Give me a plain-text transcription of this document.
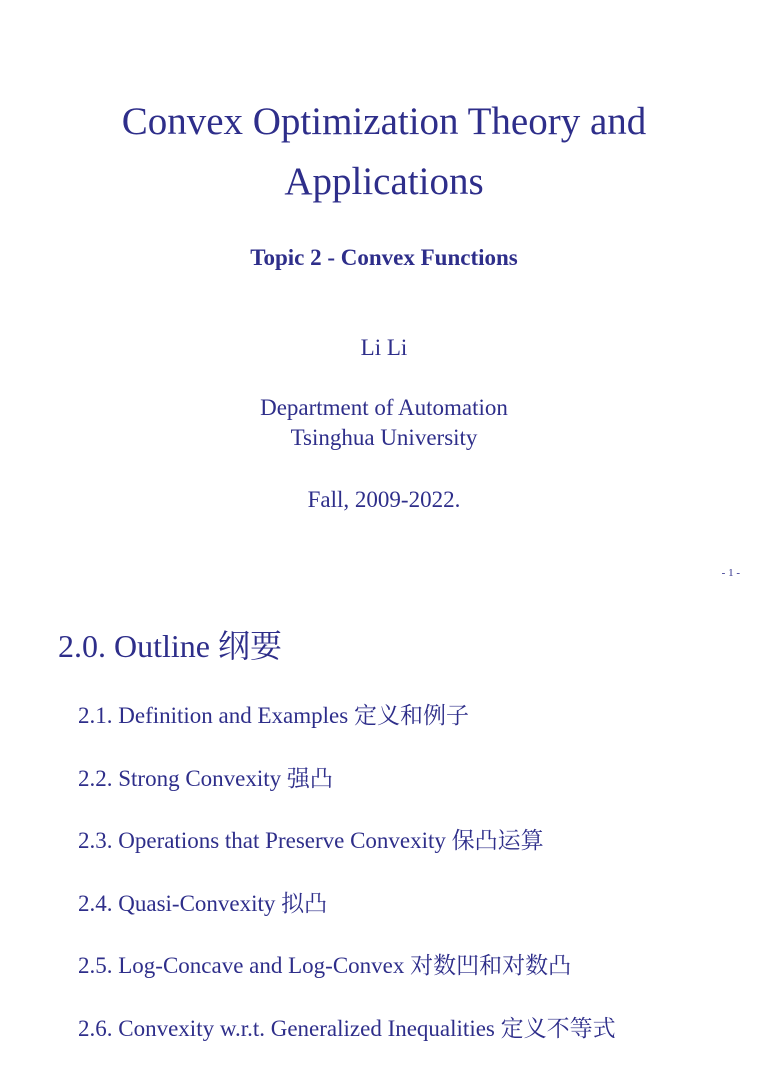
Convex Optimization Theory and Applications
Topic 2 - Convex Functions
Li Li
Department of Automation
Tsinghua University
Fall, 2009-2022.
- 1 -
2.0. Outline 纲要
2.1. Definition and Examples 定义和例子
2.2. Strong Convexity 强凸
2.3. Operations that Preserve Convexity 保凸运算
2.4. Quasi-Convexity 拟凸
2.5. Log-Concave and Log-Convex 对数凹和对数凸
2.6. Convexity w.r.t. Generalized Inequalities 定义不等式
